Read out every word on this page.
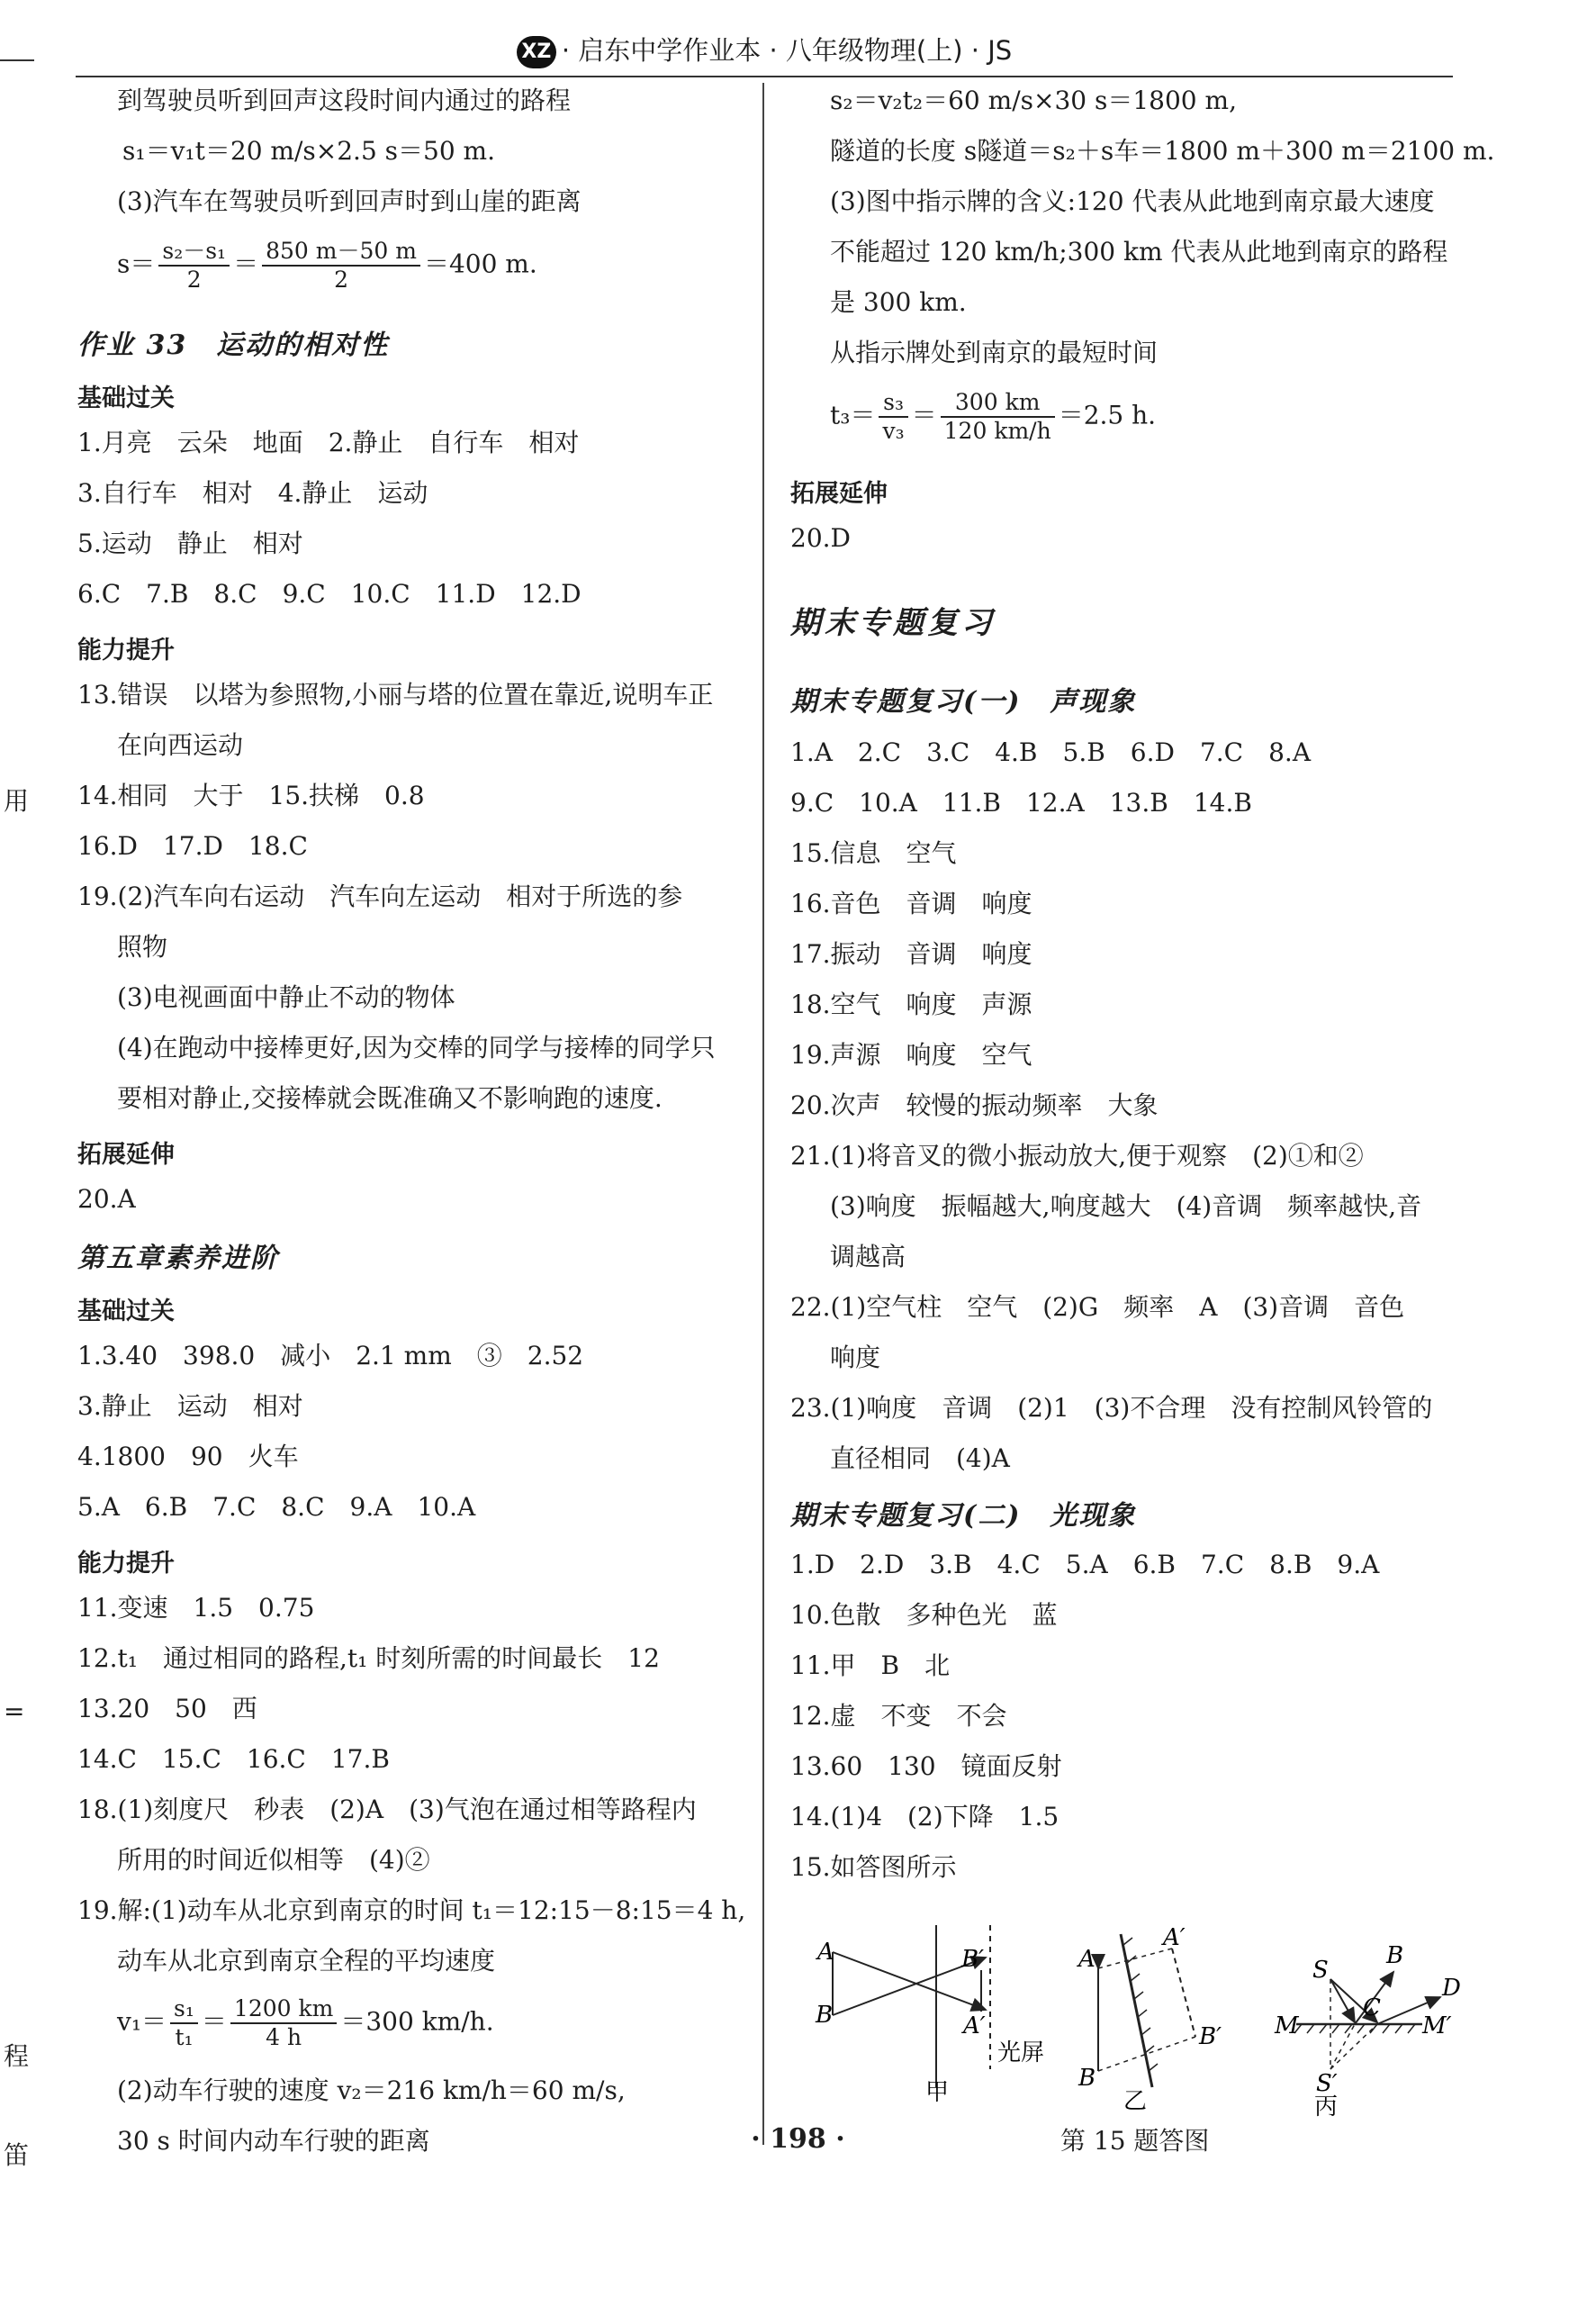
XZ · 启东中学作业本 · 八年级物理(上) · JS
用
=
程
笛
到驾驶员听到回声这段时间内通过的路程
s₁＝v₁t＝20 m/s×2.5 s＝50 m.
(3)汽车在驾驶员听到回声时到山崖的距离
$s= \frac{\text{s₂－s₁}}{2} = \frac{850 m-50 m}{2} =400$ m.
作业 33　运动的相对性
基础过关
1.月亮　云朵　地面　2.静止　自行车　相对
3.自行车　相对　4.静止　运动
5.运动　静止　相对
6.C　7.B　8.C　9.C　10.C　11.D　12.D
能力提升
13.错误　以塔为参照物,小丽与塔的位置在靠近,说明车正
在向西运动
14.相同　大于　15.扶梯　0.8
16.D　17.D　18.C
19.(2)汽车向右运动　汽车向左运动　相对于所选的参
照物
(3)电视画面中静止不动的物体
(4)在跑动中接棒更好,因为交棒的同学与接棒的同学只
要相对静止,交接棒就会既准确又不影响跑的速度.
拓展延伸
20.A
第五章素养进阶
基础过关
1.3.40　398.0　减小　2.1 mm　③　2.52
3.静止　运动　相对
4.1800　90　火车
5.A　6.B　7.C　8.C　9.A　10.A
能力提升
11.变速　1.5　0.75
12.t₁　通过相同的路程,t₁ 时刻所需的时间最长　12
13.20　50　西
14.C　15.C　16.C　17.B
18.(1)刻度尺　秒表　(2)A　(3)气泡在通过相等路程内
所用的时间近似相等　(4)②
19.解:(1)动车从北京到南京的时间 t₁＝12:15－8:15＝4 h,
动车从北京到南京全程的平均速度
$v_1= \frac{\text{s₁}}{\text{t₁}} = \frac{1200 km}{4 h} =300$ km/h.
(2)动车行驶的速度 v₂＝216 km/h＝60 m/s,
30 s 时间内动车行驶的距离
s₂＝v₂t₂＝60 m/s×30 s＝1800 m,
隧道的长度 s隧道＝s₂＋s车＝1800 m＋300 m＝2100 m.
(3)图中指示牌的含义:120 代表从此地到南京最大速度
不能超过 120 km/h;300 km 代表从此地到南京的路程
是 300 km.
从指示牌处到南京的最短时间
$t_3= \frac{\text{s₃}}{\text{v₃}} = \frac{300 km}{120 km/h} =2.5$ h.
拓展延伸
20.D
期末专题复习
期末专题复习(一)　声现象
1.A　2.C　3.C　4.B　5.B　6.D　7.C　8.A
9.C　10.A　11.B　12.A　13.B　14.B
15.信息　空气
16.音色　音调　响度
17.振动　音调　响度
18.空气　响度　声源
19.声源　响度　空气
20.次声　较慢的振动频率　大象
21.(1)将音叉的微小振动放大,便于观察　(2)①和②
(3)响度　振幅越大,响度越大　(4)音调　频率越快,音
调越高
22.(1)空气柱　空气　(2)G　频率　A　(3)音调　音色
响度
23.(1)响度　音调　(2)1　(3)不合理　没有控制风铃管的
直径相同　(4)A
期末专题复习(二)　光现象
1.D　2.D　3.B　4.C　5.A　6.B　7.C　8.B　9.A
10.色散　多种色光　蓝
11.甲　B　北
12.虚　不变　不会
13.60　130　镜面反射
14.(1)4　(2)下降　1.5
15.如答图所示
A
B
B′
A′
光屏
甲
A
B
A′
B′
乙
S
B
D
C
M	M′
S′
丙
第 15 题答图
· 198 ·
